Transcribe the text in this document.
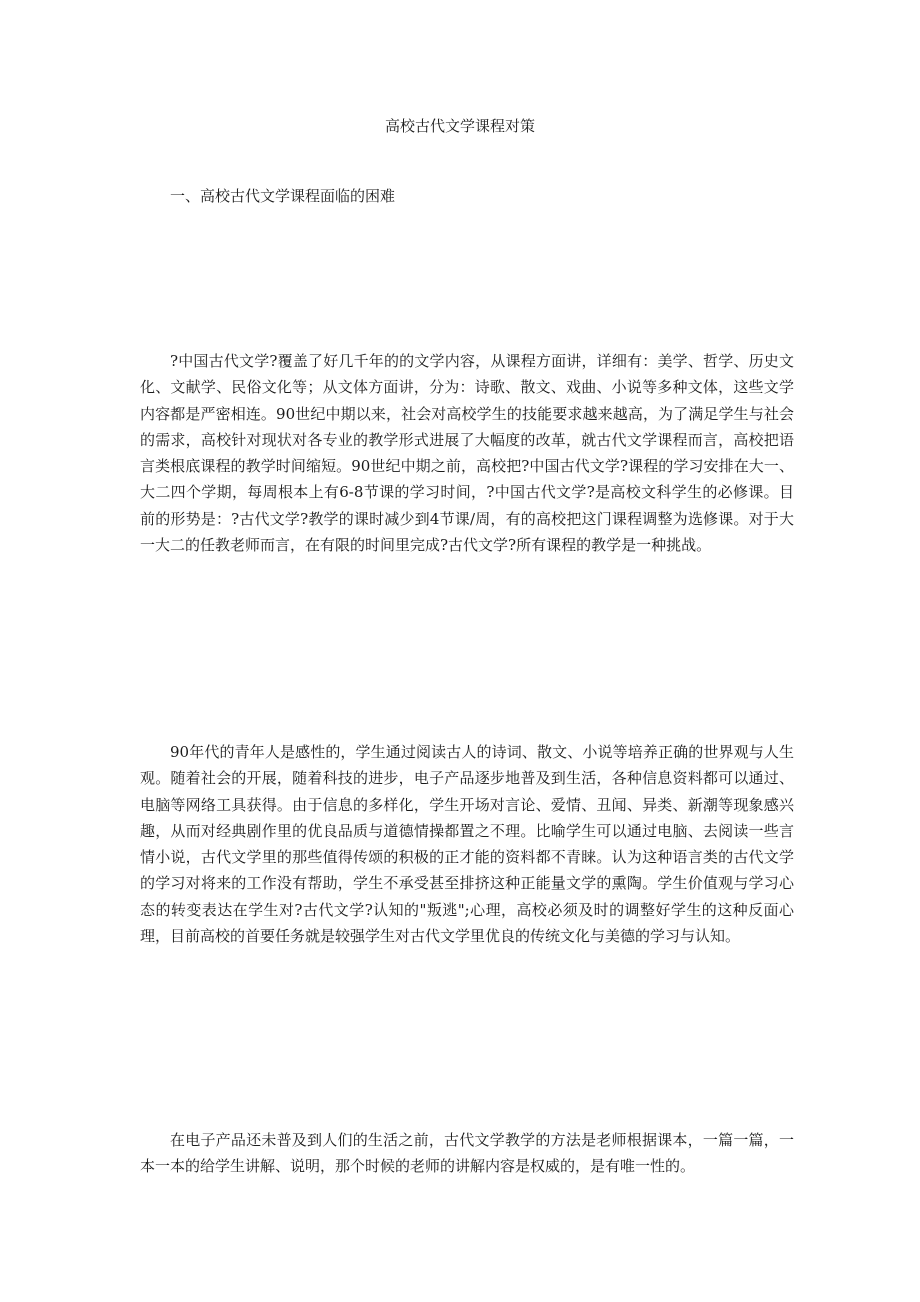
高校古代文学课程对策
一、高校古代文学课程面临的困难

?中国古代文学?覆盖了好几千年的的文学内容，从课程方面讲，详细有：美学、哲学、历史文化、文献学、民俗文化等；从文体方面讲，分为：诗歌、散文、戏曲、小说等多种文体，这些文学内容都是严密相连。90世纪中期以来，社会对高校学生的技能要求越来越高，为了满足学生与社会的需求，高校针对现状对各专业的教学形式进展了大幅度的改革，就古代文学课程而言，高校把语言类根底课程的教学时间缩短。90世纪中期之前，高校把?中国古代文学?课程的学习安排在大一、大二四个学期，每周根本上有6-8节课的学习时间，?中国古代文学?是高校文科学生的必修课。目前的形势是：?古代文学?教学的课时减少到4节课/周，有的高校把这门课程调整为选修课。对于大一大二的任教老师而言，在有限的时间里完成?古代文学?所有课程的教学是一种挑战。

90年代的青年人是感性的，学生通过阅读古人的诗词、散文、小说等培养正确的世界观与人生观。随着社会的开展，随着科技的进步，电子产品逐步地普及到生活，各种信息资料都可以通过、电脑等网络工具获得。由于信息的多样化，学生开场对言论、爱情、丑闻、异类、新潮等现象感兴趣，从而对经典剧作里的优良品质与道德情操都置之不理。比喻学生可以通过电脑、去阅读一些言情小说，古代文学里的那些值得传颂的积极的正才能的资料都不青睐。认为这种语言类的古代文学的学习对将来的工作没有帮助，学生不承受甚至排挤这种正能量文学的熏陶。学生价值观与学习心态的转变表达在学生对?古代文学?认知的"叛逃";心理，高校必须及时的调整好学生的这种反面心理，目前高校的首要任务就是较强学生对古代文学里优良的传统文化与美德的学习与认知。

在电子产品还未普及到人们的生活之前，古代文学教学的方法是老师根据课本，一篇一篇，一本一本的给学生讲解、说明，那个时候的老师的讲解内容是权威的，是有唯一性的。
